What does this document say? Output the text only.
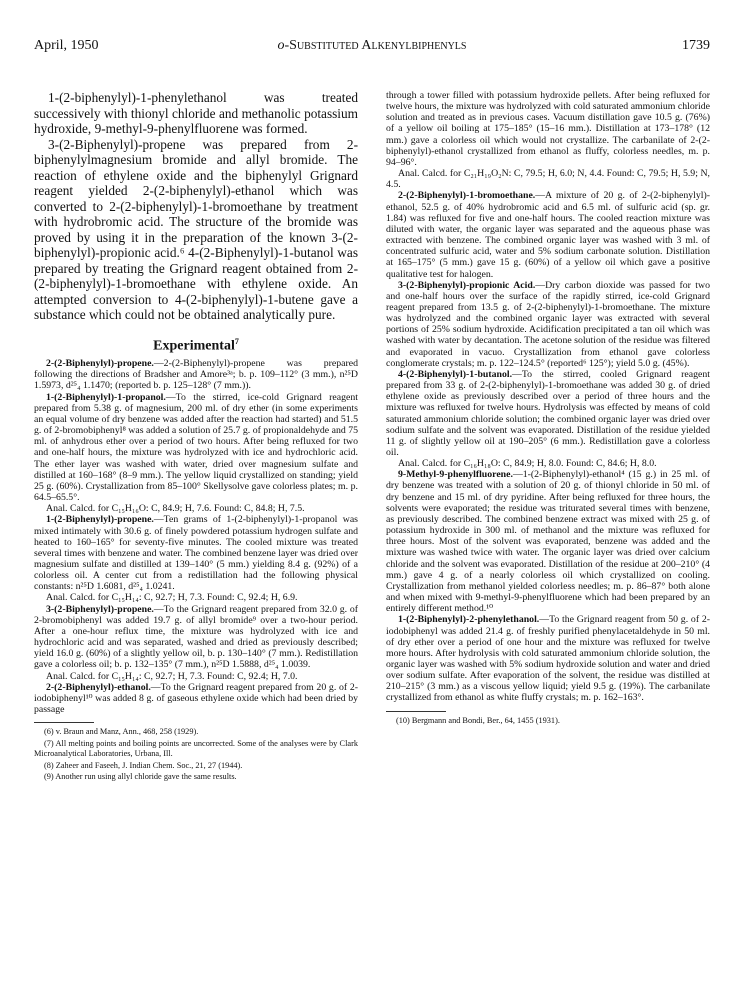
April, 1950	o-Substituted Alkenylbiphenyls	1739

1-(2-biphenylyl)-1-phenylethanol was treated successively with thionyl chloride and methanolic potassium hydroxide, 9-methyl-9-phenylfluorene was formed.

3-(2-Biphenylyl)-propene was prepared from 2-biphenylylmagnesium bromide and allyl bromide. The reaction of ethylene oxide and the biphenylyl Grignard reagent yielded 2-(2-biphenylyl)-ethanol which was converted to 2-(2-biphenylyl)-1-bromoethane by treatment with hydrobromic acid. The structure of the bromide was proved by using it in the preparation of the known 3-(2-biphenylyl)-propionic acid.⁶ 4-(2-Biphenylyl)-1-butanol was prepared by treating the Grignard reagent obtained from 2-(2-biphenylyl)-1-bromoethane with ethylene oxide. An attempted conversion to 4-(2-biphenylyl)-1-butene gave a substance which could not be obtained analytically pure.

Experimental$^7$

2-(2-Biphenylyl)-propene.—2-(2-Biphenylyl)-propene was prepared following the directions of Bradsher and Amore³ᵃ; b. p. 109–112° (3 mm.), n²⁵D 1.5973, d²⁵₄ 1.1470; (reported b. p. 125–128° (7 mm.)).

1-(2-Biphenylyl)-1-propanol.—To the stirred, ice-cold Grignard reagent prepared from 5.38 g. of magnesium, 200 ml. of dry ether (in some experiments an equal volume of dry benzene was added after the reaction had started) and 51.5 g. of 2-bromobiphenyl⁸ was added a solution of 25.7 g. of propionaldehyde and 75 ml. of anhydrous ether over a period of two hours. After being refluxed for two and one-half hours, the mixture was hydrolyzed with ice and hydrochloric acid. The ether layer was washed with water, dried over magnesium sulfate and distilled at 160–168° (8–9 mm.). The yellow liquid crystallized on standing; yield 25 g. (60%). Crystallization from 85–100° Skellysolve gave colorless plates; m. p. 64.5–65.5°.

Anal. Calcd. for C₁₅H₁₆O: C, 84.9; H, 7.6. Found: C, 84.8; H, 7.5.

1-(2-Biphenylyl)-propene.—Ten grams of 1-(2-biphenylyl)-1-propanol was mixed intimately with 30.6 g. of finely powdered potassium hydrogen sulfate and heated to 160–165° for seventy-five minutes. The cooled mixture was treated several times with benzene and water. The combined benzene layer was dried over magnesium sulfate and distilled at 139–140° (5 mm.) yielding 8.4 g. (92%) of a colorless oil. A center cut from a redistillation had the following physical constants: n²⁵D 1.6081, d²⁵₄ 1.0241.

Anal. Calcd. for C₁₅H₁₄: C, 92.7; H, 7.3. Found: C, 92.4; H, 6.9.

3-(2-Biphenylyl)-propene.—To the Grignard reagent prepared from 32.0 g. of 2-bromobiphenyl was added 19.7 g. of allyl bromide⁹ over a two-hour period. After a one-hour reflux time, the mixture was hydrolyzed with ice and hydrochloric acid and was separated, washed and dried as previously described; yield 16.0 g. (60%) of a slightly yellow oil, b. p. 130–140° (7 mm.). Redistillation gave a colorless oil; b. p. 132–135° (7 mm.), n²⁵D 1.5888, d²⁵₄ 1.0039.

Anal. Calcd. for C₁₅H₁₄: C, 92.7; H, 7.3. Found: C, 92.4; H, 7.0.

2-(2-Biphenylyl)-ethanol.—To the Grignard reagent prepared from 20 g. of 2-iodobiphenyl¹⁰ was added 8 g. of gaseous ethylene oxide which had been dried by passage

(6) v. Braun and Manz, Ann., 468, 258 (1929).

(7) All melting points and boiling points are uncorrected. Some of the analyses were by Clark Microanalytical Laboratories, Urbana, Ill.

(8) Zaheer and Faseeh, J. Indian Chem. Soc., 21, 27 (1944).

(9) Another run using allyl chloride gave the same results.

through a tower filled with potassium hydroxide pellets. After being refluxed for twelve hours, the mixture was hydrolyzed with cold saturated ammonium chloride solution and treated as in previous cases. Vacuum distillation gave 10.5 g. (76%) of a yellow oil boiling at 175–185° (15–16 mm.). Distillation at 173–178° (12 mm.) gave a colorless oil which would not crystallize. The carbanilate of 2-(2-biphenylyl)-ethanol crystallized from ethanol as fluffy, colorless needles, m. p. 94–96°.

Anal. Calcd. for C₂₁H₁₉O₂N: C, 79.5; H, 6.0; N, 4.4. Found: C, 79.5; H, 5.9; N, 4.5.

2-(2-Biphenylyl)-1-bromoethane.—A mixture of 20 g. of 2-(2-biphenylyl)-ethanol, 52.5 g. of 40% hydrobromic acid and 6.5 ml. of sulfuric acid (sp. gr. 1.84) was refluxed for five and one-half hours. The cooled reaction mixture was diluted with water, the organic layer was separated and the aqueous phase was extracted with benzene. The combined organic layer was washed with 3 ml. of concentrated sulfuric acid, water and 5% sodium carbonate solution. Distillation at 165–175° (5 mm.) gave 15 g. (60%) of a yellow oil which gave a positive qualitative test for halogen.

3-(2-Biphenylyl)-propionic Acid.—Dry carbon dioxide was passed for two and one-half hours over the surface of the rapidly stirred, ice-cold Grignard reagent prepared from 13.5 g. of 2-(2-biphenylyl)-1-bromoethane. The mixture was hydrolyzed and the combined organic layer was extracted with several portions of 25% sodium hydroxide. Acidification precipitated a tan oil which was washed with water by decantation. The acetone solution of the residue was filtered and evaporated in vacuo. Crystallization from ethanol gave colorless conglomerate crystals; m. p. 122–124.5° (reported⁶ 125°); yield 5.0 g. (45%).

4-(2-Biphenylyl)-1-butanol.—To the stirred, cooled Grignard reagent prepared from 33 g. of 2-(2-biphenylyl)-1-bromoethane was added 30 g. of dried ethylene oxide as previously described over a period of three hours and the mixture was refluxed for twelve hours. Hydrolysis was effected by means of cold saturated ammonium chloride solution; the combined organic layer was dried over sodium sulfate and the solvent was evaporated. Distillation of the residue yielded 11 g. of slightly yellow oil at 190–205° (6 mm.). Redistillation gave a colorless oil.

Anal. Calcd. for C₁₆H₁₈O: C, 84.9; H, 8.0. Found: C, 84.6; H, 8.0.

9-Methyl-9-phenylfluorene.—1-(2-Biphenylyl)-ethanol⁴ (15 g.) in 25 ml. of dry benzene was treated with a solution of 20 g. of thionyl chloride in 50 ml. of dry benzene and 15 ml. of dry pyridine. After being refluxed for three hours, the solvents were evaporated; the residue was triturated several times with benzene, as previously described. The combined benzene extract was mixed with 25 g. of potassium hydroxide in 300 ml. of methanol and the mixture was refluxed for three hours. Most of the solvent was evaporated, benzene was added and the mixture was washed twice with water. The organic layer was dried over calcium chloride and the solvent was evaporated. Distillation of the residue at 200–210° (4 mm.) gave 4 g. of a nearly colorless oil which crystallized on cooling. Crystallization from methanol yielded colorless needles; m. p. 86–87° both alone and when mixed with 9-methyl-9-phenylfluorene which had been prepared by an entirely different method.¹⁰

1-(2-Biphenylyl)-2-phenylethanol.—To the Grignard reagent from 50 g. of 2-iodobiphenyl was added 21.4 g. of freshly purified phenylacetaldehyde in 50 ml. of dry ether over a period of one hour and the mixture was refluxed for twelve more hours. After hydrolysis with cold saturated ammonium chloride solution, the organic layer was washed with 5% sodium hydroxide solution and water and dried over sodium sulfate. After evaporation of the solvent, the residue was distilled at 210–215° (3 mm.) as a viscous yellow liquid; yield 9.5 g. (19%). The carbanilate crystallized from ethanol as white fluffy crystals; m. p. 162–163°.

(10) Bergmann and Bondi, Ber., 64, 1455 (1931).
